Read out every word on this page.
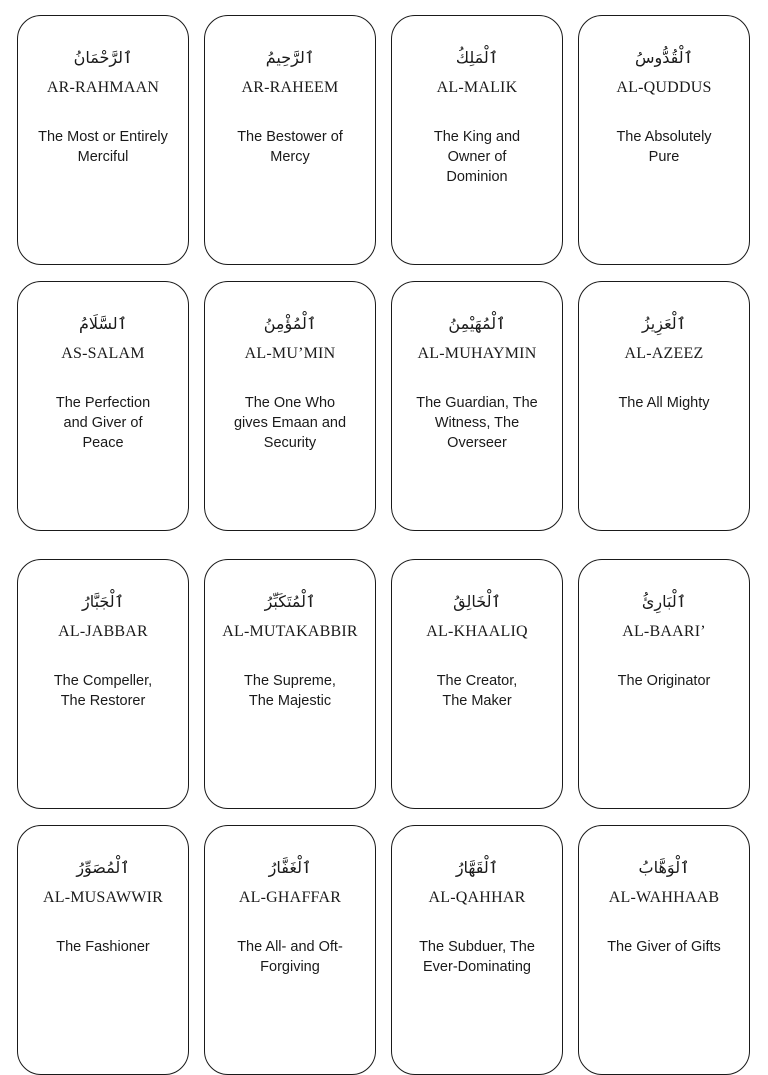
ٱلرَّحْمَانُ
AR-RAHMAAN
The Most or Entirely Merciful
ٱلرَّحِيمُ
AR-RAHEEM
The Bestower of Mercy
ٱلْمَلِكُ
AL-MALIK
The King and Owner of Dominion
ٱلْقُدُّوسُ
AL-QUDDUS
The Absolutely Pure
ٱلسَّلَامُ
AS-SALAM
The Perfection and Giver of Peace
ٱلْمُؤْمِنُ
AL-MU’MIN
The One Who gives Emaan and Security
ٱلْمُهَيْمِنُ
AL-MUHAYMIN
The Guardian, The Witness, The Overseer
ٱلْعَزِيزُ
AL-AZEEZ
The All Mighty
ٱلْجَبَّارُ
AL-JABBAR
The Compeller, The Restorer
ٱلْمُتَكَبِّرُ
AL-MUTAKABBIR
The Supreme, The Majestic
ٱلْخَالِقُ
AL-KHAALIQ
The Creator, The Maker
ٱلْبَارِئُ
AL-BAARI’
The Originator
ٱلْمُصَوِّرُ
AL-MUSAWWIR
The Fashioner
ٱلْغَفَّارُ
AL-GHAFFAR
The All- and Oft-Forgiving
ٱلْقَهَّارُ
AL-QAHHAR
The Subduer, The Ever-Dominating
ٱلْوَهَّابُ
AL-WAHHAAB
The Giver of Gifts
